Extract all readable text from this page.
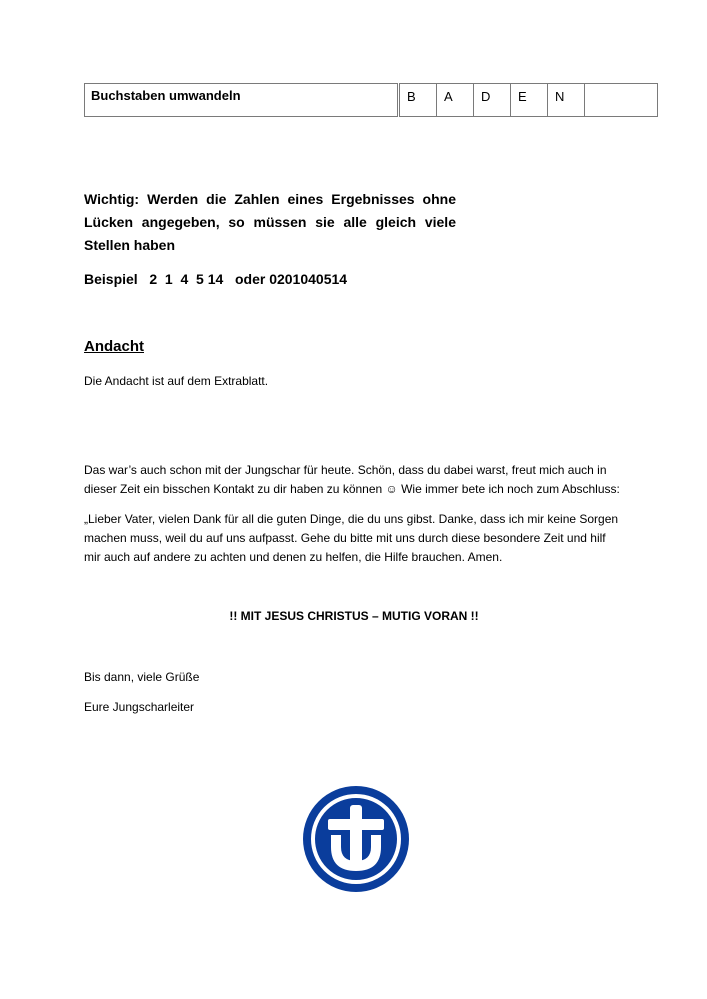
Buchstaben umwandeln	B	A	D	E	N	
Wichtig: Werden die Zahlen eines Ergebnisses ohne Lücken angegeben, so müssen sie alle gleich viele Stellen haben
Beispiel   2  1  4  5 14   oder 0201040514
Andacht
Die Andacht ist auf dem Extrablatt.
Das war’s auch schon mit der Jungschar für heute. Schön, dass du dabei warst, freut mich auch in dieser Zeit ein bisschen Kontakt zu dir haben zu können ☺ Wie immer bete ich noch zum Abschluss:
„Lieber Vater, vielen Dank für all die guten Dinge, die du uns gibst. Danke, dass ich mir keine Sorgen machen muss, weil du auf uns aufpasst. Gehe du bitte mit uns durch diese besondere Zeit und hilf mir auch auf andere zu achten und denen zu helfen, die Hilfe brauchen. Amen.
!! MIT JESUS CHRISTUS – MUTIG VORAN !!
Bis dann, viele Grüße
Eure Jungscharleiter
